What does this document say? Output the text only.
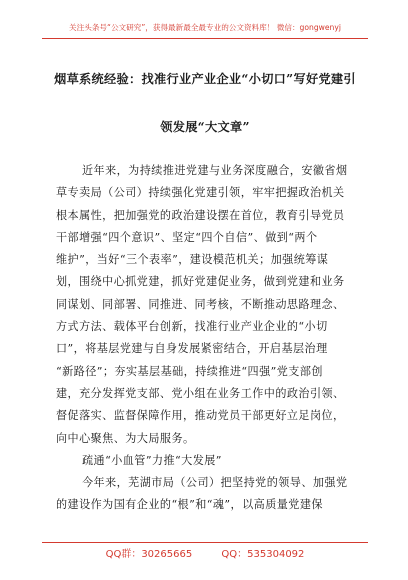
关注头条号“公文研究”，获得最新最全最专业的公文资料库！ 微信：gongwenyj
烟草系统经验：找准行业产业企业“小切口”写好党建引
领发展“大文章”
近年来，为持续推进党建与业务深度融合，安徽省烟
草专卖局（公司）持续强化党建引领，牢牢把握政治机关
根本属性，把加强党的政治建设摆在首位，教育引导党员
干部增强“四个意识”、坚定“四个自信”、做到“两个
维护”，当好“三个表率”，建设模范机关；加强统筹谋
划，围绕中心抓党建，抓好党建促业务，做到党建和业务
同谋划、同部署、同推进、同考核，不断推动思路理念、
方式方法、载体平台创新，找准行业产业企业的“小切
口”，将基层党建与自身发展紧密结合，开启基层治理
“新路径”；夯实基层基础，持续推进“四强”党支部创
建，充分发挥党支部、党小组在业务工作中的政治引领、
督促落实、监督保障作用，推动党员干部更好立足岗位，
向中心聚焦、为大局服务。
疏通“小血管”力推“大发展”
今年来，芜湖市局（公司）把坚持党的领导、加强党
的建设作为国有企业的“根”和“魂”，以高质量党建保
QQ群：30265665	QQ：535304092
